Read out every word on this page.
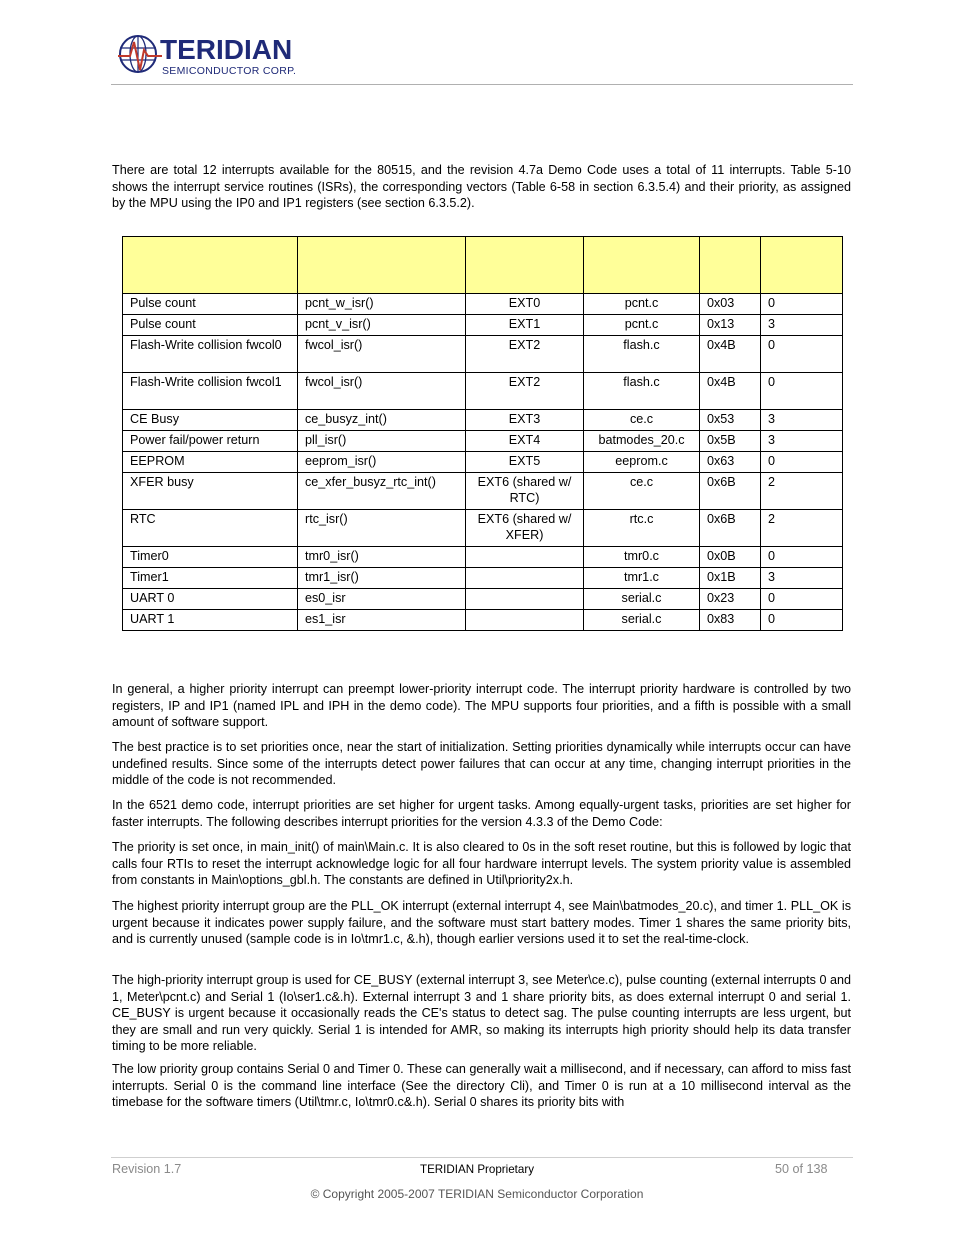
TERIDIAN
SEMICONDUCTOR CORP.

There are total 12 interrupts available for the 80515, and the revision 4.7a Demo Code uses a total of 11 interrupts. Table 5-10 shows the interrupt service routines (ISRs), the corresponding vectors (Table 6-58 in section 6.3.5.4) and their priority, as assigned by the MPU using the IP0 and IP1 registers (see section 6.3.5.2).

Pulse count	pcnt_w_isr()	EXT0	pcnt.c	0x03	0
Pulse count	pcnt_v_isr()	EXT1	pcnt.c	0x13	3
Flash-Write collision fwcol0	fwcol_isr()	EXT2	flash.c	0x4B	0
Flash-Write collision fwcol1	fwcol_isr()	EXT2	flash.c	0x4B	0
CE Busy	ce_busyz_int()	EXT3	ce.c	0x53	3
Power fail/power return	pll_isr()	EXT4	batmodes_20.c	0x5B	3
EEPROM	eeprom_isr()	EXT5	eeprom.c	0x63	0
XFER busy	ce_xfer_busyz_rtc_int()	EXT6 (shared w/ RTC)	ce.c	0x6B	2
RTC	rtc_isr()	EXT6 (shared w/ XFER)	rtc.c	0x6B	2
Timer0	tmr0_isr()		tmr0.c	0x0B	0
Timer1	tmr1_isr()		tmr1.c	0x1B	3
UART 0	es0_isr		serial.c	0x23	0
UART 1	es1_isr		serial.c	0x83	0

In general, a higher priority interrupt can preempt lower-priority interrupt code. The interrupt priority hardware is controlled by two registers, IP and IP1 (named IPL and IPH in the demo code). The MPU supports four priorities, and a fifth is possible with a small amount of software support.

The best practice is to set priorities once, near the start of initialization. Setting priorities dynamically while interrupts occur can have undefined results. Since some of the interrupts detect power failures that can occur at any time, changing interrupt priorities in the middle of the code is not recommended.

In the 6521 demo code, interrupt priorities are set higher for urgent tasks. Among equally-urgent tasks, priorities are set higher for faster interrupts. The following describes interrupt priorities for the version 4.3.3 of the Demo Code:

The priority is set once, in main_init() of main\Main.c. It is also cleared to 0s in the soft reset routine, but this is followed by logic that calls four RTIs to reset the interrupt acknowledge logic for all four hardware interrupt levels. The system priority value is assembled from constants in Main\options_gbl.h. The constants are defined in Util\priority2x.h.

The highest priority interrupt group are the PLL_OK interrupt (external interrupt 4, see Main\batmodes_20.c), and timer 1. PLL_OK is urgent because it indicates power supply failure, and the software must start battery modes. Timer 1 shares the same priority bits, and is currently unused (sample code is in Io\tmr1.c, &.h), though earlier versions used it to set the real-time-clock.

The high-priority interrupt group is used for CE_BUSY (external interrupt 3, see Meter\ce.c), pulse counting (external interrupts 0 and 1, Meter\pcnt.c) and Serial 1 (Io\ser1.c&.h). External interrupt 3 and 1 share priority bits, as does external interrupt 0 and serial 1. CE_BUSY is urgent because it occasionally reads the CE's status to detect sag. The pulse counting interrupts are less urgent, but they are small and run very quickly. Serial 1 is intended for AMR, so making its interrupts high priority should help its data transfer timing to be more reliable.

The low priority group contains Serial 0 and Timer 0. These can generally wait a millisecond, and if necessary, can afford to miss fast interrupts. Serial 0 is the command line interface (See the directory Cli), and Timer 0 is run at a 10 millisecond interval as the timebase for the software timers (Util\tmr.c, Io\tmr0.c&.h). Serial 0 shares its priority bits with

TERIDIAN Proprietary
Revision 1.7	50 of 138
© Copyright 2005-2007 TERIDIAN Semiconductor Corporation
